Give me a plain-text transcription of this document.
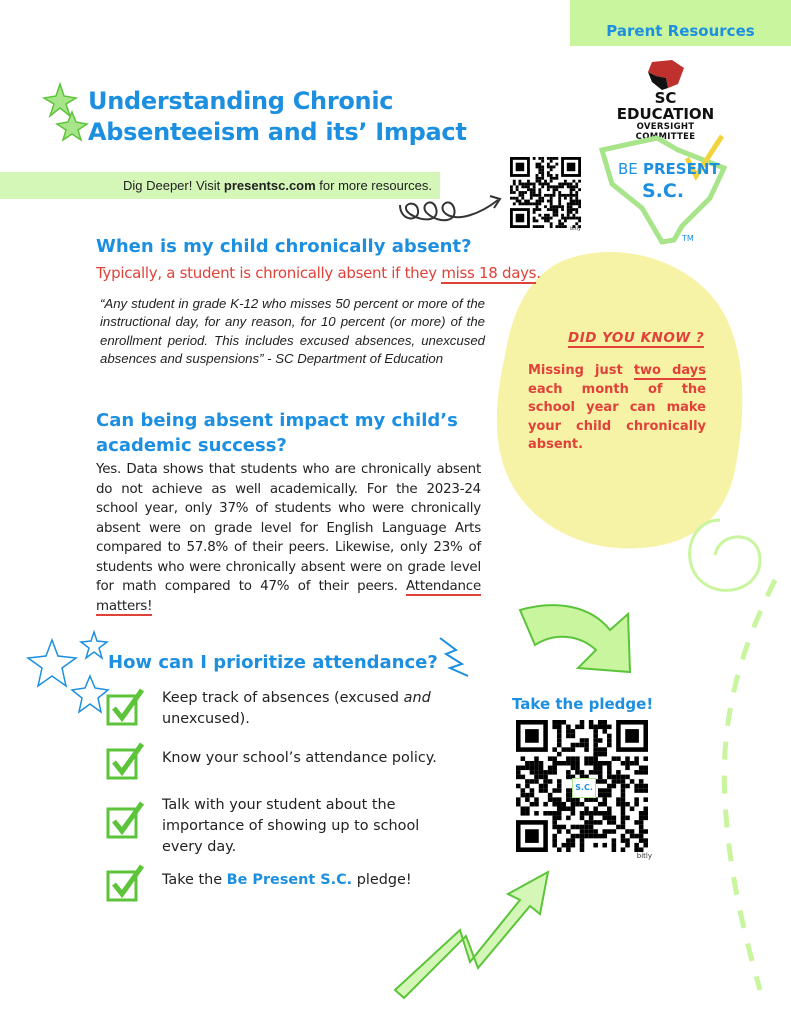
Parent Resources
Understanding Chronic
Absenteeism and its’ Impact
SC EDUCATION
OVERSIGHT COMMITTEE
BE PRESENT
S.C.
TM
Dig Deeper! Visit presentsc.com for more resources.
bitly
When is my child chronically absent?
Typically, a student is chronically absent if they miss 18 days.
“Any student in grade K-12 who misses 50 percent or more of the instructional day, for any reason, for 10 percent (or more) of the enrollment period. This includes excused absences, unexcused absences and suspensions” - SC Department of Education
Can being absent impact my child’s
academic success?
Yes. Data shows that students who are chronically absent do not achieve as well academically. For the 2023-24 school year, only 37% of students who were chronically absent were on grade level for English Language Arts compared to 57.8% of their peers. Likewise, only 23% of students who were chronically absent were on grade level for math compared to 47% of their peers. Attendance matters!
DID YOU KNOW ?
Missing just two days each month of the school year can make your child chronically absent.
How can I prioritize attendance?
Keep track of absences (excused and unexcused).
Know your school’s attendance policy.
Talk with your student about the importance of showing up to school every day.
Take the Be Present S.C. pledge!
Take the pledge!
S.C.
bitly
